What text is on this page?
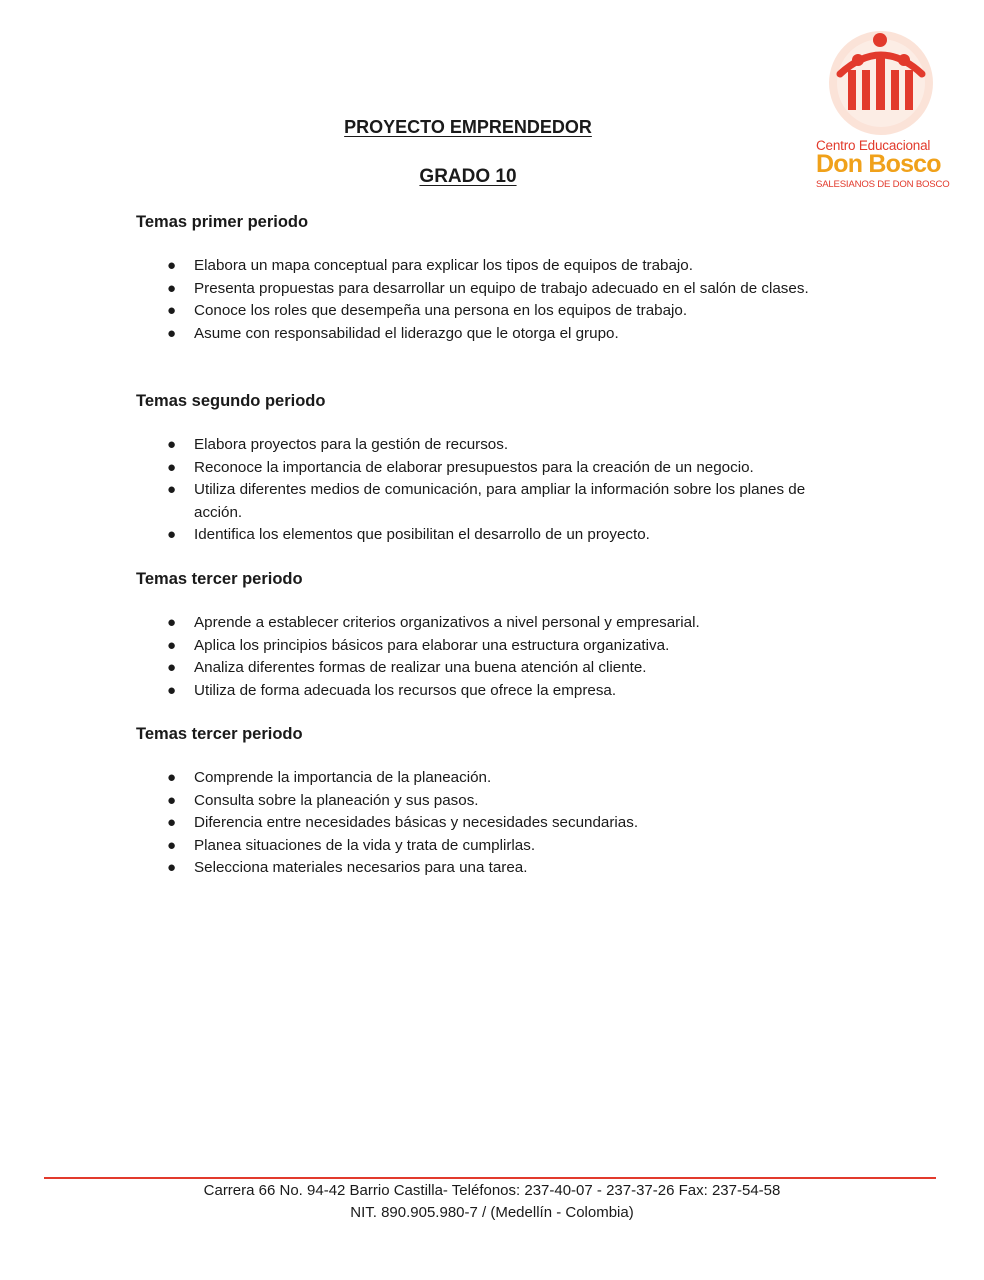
Centro Educacional
Don Bosco
SALESIANOS DE DON BOSCO
PROYECTO EMPRENDEDOR
GRADO 10
Temas primer periodo
● Elabora un mapa conceptual para explicar los tipos de equipos de trabajo.
● Presenta propuestas para desarrollar un equipo de trabajo adecuado en el salón de clases.
● Conoce los roles que desempeña una persona en los equipos de trabajo.
● Asume con responsabilidad el liderazgo que le otorga el grupo.
Temas segundo periodo
● Elabora proyectos para la gestión de recursos.
● Reconoce la importancia de elaborar presupuestos para la creación de un negocio.
● Utiliza diferentes medios de comunicación, para ampliar la información sobre los planes de acción.
● Identifica los elementos que posibilitan el desarrollo de un proyecto.
Temas tercer periodo
● Aprende a establecer criterios organizativos a nivel personal y empresarial.
● Aplica los principios básicos para elaborar una estructura organizativa.
● Analiza diferentes formas de realizar una buena atención al cliente.
● Utiliza de forma adecuada los recursos que ofrece la empresa.
Temas tercer periodo
● Comprende la importancia de la planeación.
● Consulta sobre la planeación y sus pasos.
● Diferencia entre necesidades básicas y necesidades secundarias.
● Planea situaciones de la vida y trata de cumplirlas.
● Selecciona materiales necesarios para una tarea.
Carrera 66 No. 94-42 Barrio Castilla- Teléfonos: 237-40-07 - 237-37-26 Fax: 237-54-58
NIT. 890.905.980-7 / (Medellín - Colombia)
